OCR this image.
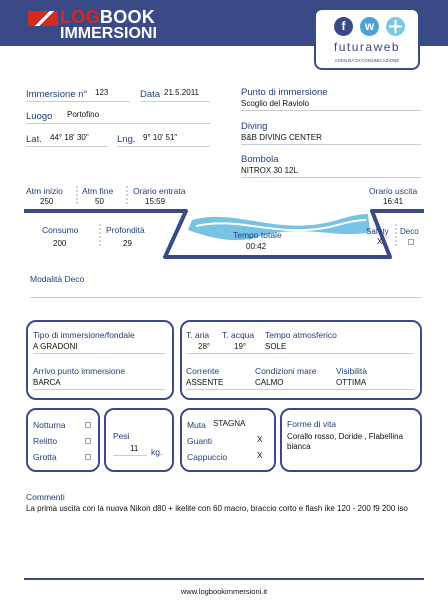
LOGBOOK
IMMERSIONI	f	w
futuraweb
AGENZIA DI COMUNICAZIONE
Immersione n° 123	Data 21.5.2011
Luogo Portofino
Lat. 44° 18' 30"	Lng. 9° 10' 51"
Punto di immersione
Scoglio del Raviolo
Diving
B&B DIVING CENTER
Bombola
NITROX 30 12L
Atm inizio
250
Atm fine
50
Orario entrata
15:59
Orario uscita
16:41
Consumo
200
Profondità
29
Tempo totale
00:42
Safety
X
Deco
Modalità Deco
Tipo di immersione/fondale
A GRADONI
Arrivo punto immersione
BARCA
T. aria
28°
T. acqua
19°
Tempo atmosferico
SOLE
Corrente
ASSENTE
Condizioni mare
CALMO
Visibilità
OTTIMA
Notturna
Relitto
Grotta
Pesi
11 kg.
Muta STAGNA
Guanti	X
Cappuccio	X
Forme di vita
Corallo rosso, Doride , Flabellina bianca
Commenti
La prima uscita con la nuova Nikon d80 + ikelite con 60 macro, braccio corto e flash ike 120 - 200 f9 200 iso
www.logbookimmersioni.it
